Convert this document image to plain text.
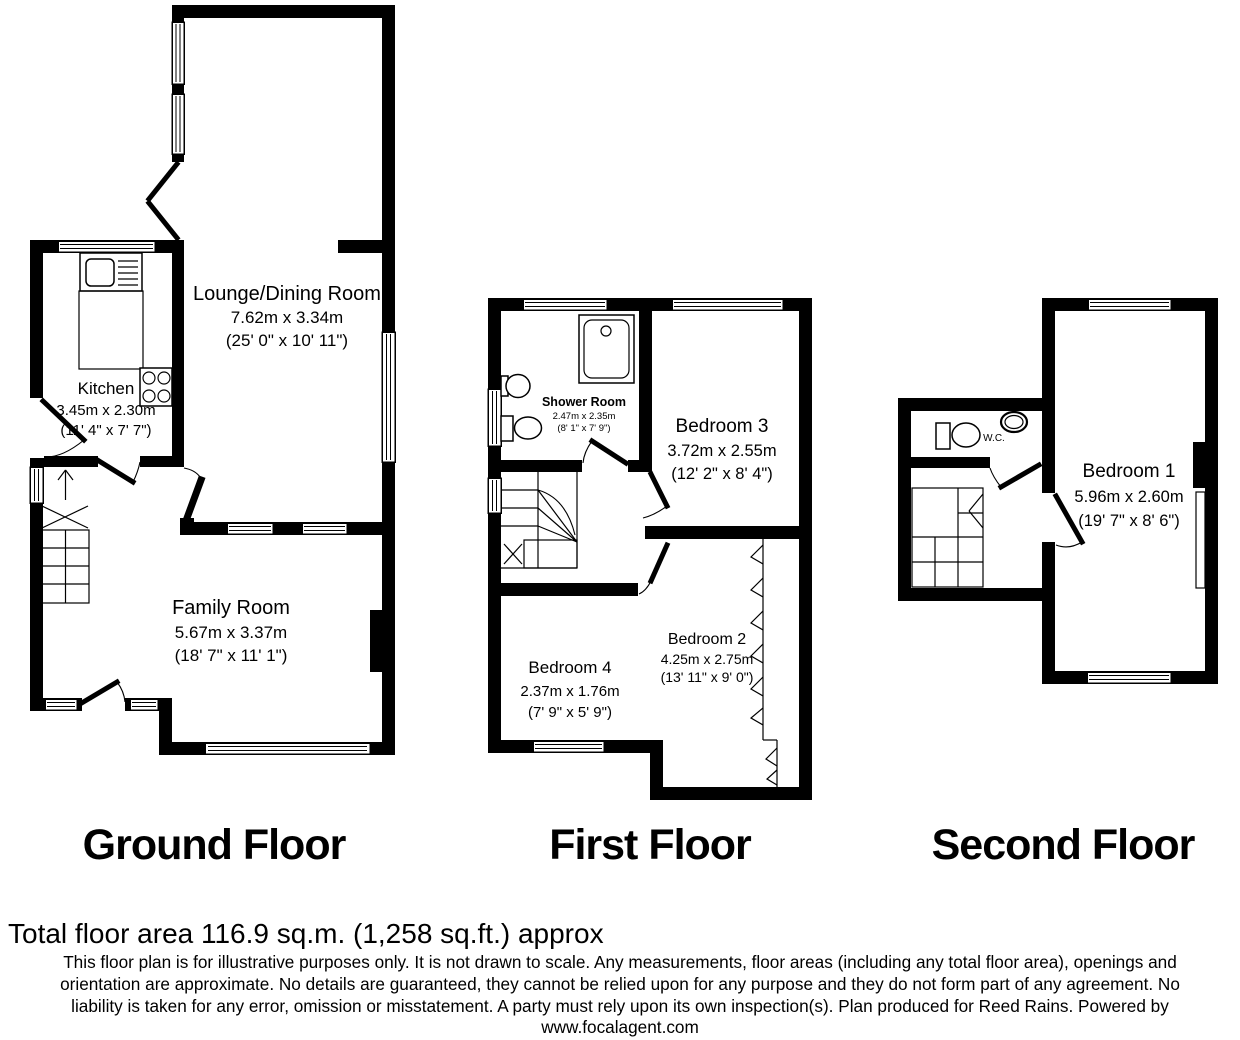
Lounge/Dining Room
7.62m x 3.34m
(25' 0" x 10' 11")
Kitchen
3.45m x 2.30m
(11' 4" x 7' 7")
Family Room
5.67m x 3.37m
(18' 7" x 11' 1")
Shower Room
2.47m x 2.35m
(8' 1" x 7' 9")	Bedroom 3
3.72m x 2.55m
(12' 2" x 8' 4")
Bedroom 4
2.37m x 1.76m
(7' 9" x 5' 9")
Bedroom 2
4.25m x 2.75m
(13' 11" x 9' 0")
W.C.
Bedroom 1
5.96m x 2.60m
(19' 7" x 8' 6")
Ground Floor	First Floor	Second Floor
Total floor area 116.9 sq.m. (1,258 sq.ft.) approx
This floor plan is for illustrative purposes only. It is not drawn to scale. Any measurements, floor areas (including any total floor area), openings and
orientation are approximate. No details are guaranteed, they cannot be relied upon for any purpose and they do not form part of any agreement. No
liability is taken for any error, omission or misstatement. A party must rely upon its own inspection(s). Plan produced for Reed Rains. Powered by
www.focalagent.com
